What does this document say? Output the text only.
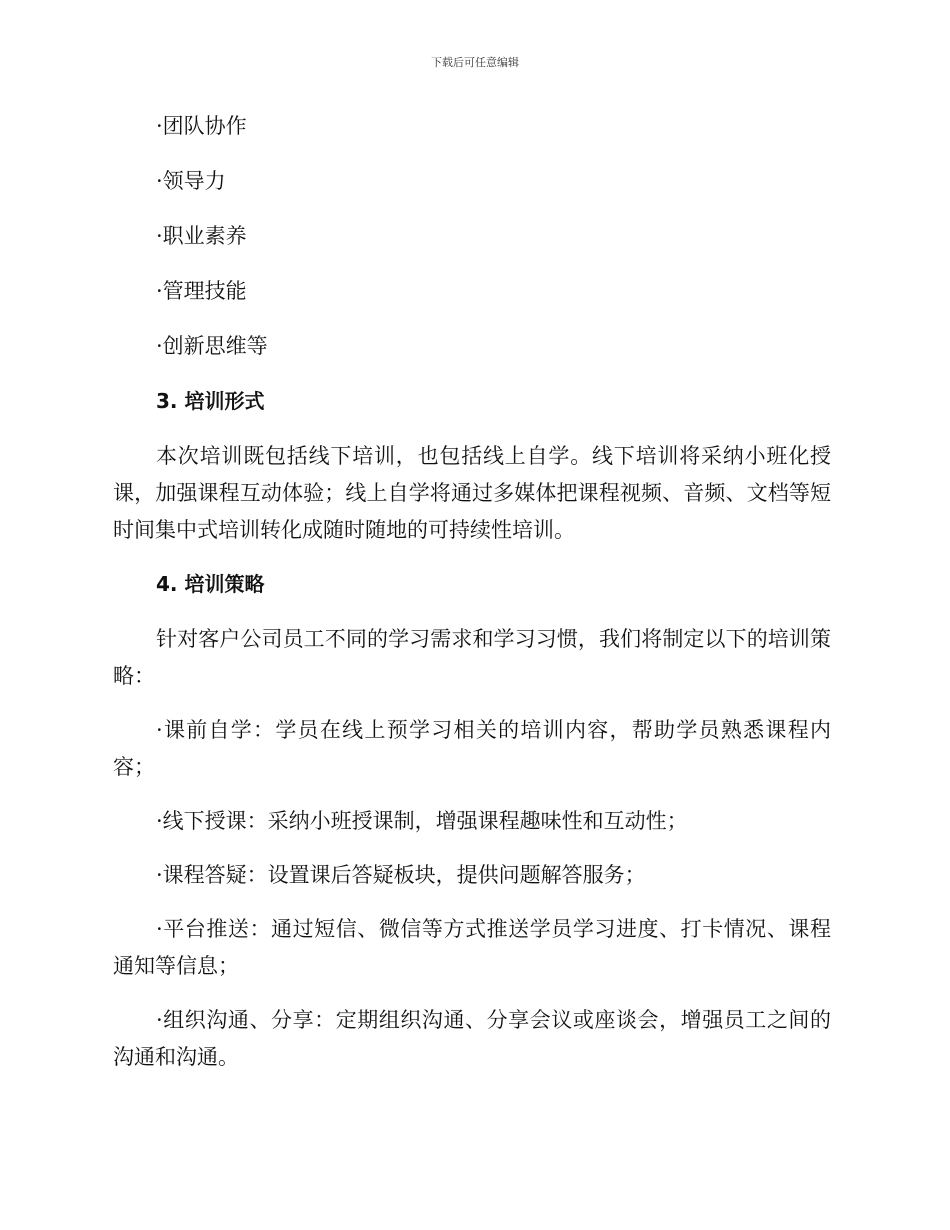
下载后可任意编辑
·团队协作
·领导力
·职业素养
·管理技能
·创新思维等
3. 培训形式
本次培训既包括线下培训，也包括线上自学。线下培训将采纳小班化授课，加强课程互动体验；线上自学将通过多媒体把课程视频、音频、文档等短时间集中式培训转化成随时随地的可持续性培训。
4. 培训策略
针对客户公司员工不同的学习需求和学习习惯，我们将制定以下的培训策略：
·课前自学：学员在线上预学习相关的培训内容，帮助学员熟悉课程内容；
·线下授课：采纳小班授课制，增强课程趣味性和互动性；
·课程答疑：设置课后答疑板块，提供问题解答服务；
·平台推送：通过短信、微信等方式推送学员学习进度、打卡情况、课程通知等信息；
·组织沟通、分享：定期组织沟通、分享会议或座谈会，增强员工之间的沟通和沟通。
